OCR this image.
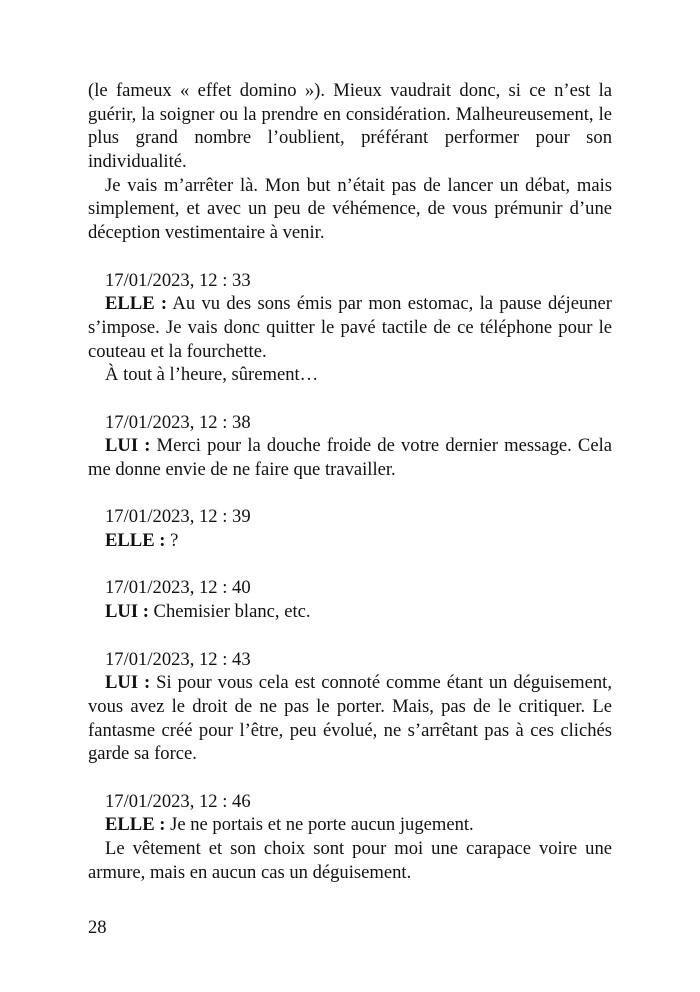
(le fameux « effet domino »). Mieux vaudrait donc, si ce n’est la
guérir, la soigner ou la prendre en considération. Malheureusement, le
plus grand nombre l’oublient, préférant performer pour son
individualité.
Je vais m’arrêter là. Mon but n’était pas de lancer un débat, mais
simplement, et avec un peu de véhémence, de vous prémunir d’une
déception vestimentaire à venir.
17/01/2023, 12 : 33
ELLE : Au vu des sons émis par mon estomac, la pause déjeuner
s’impose. Je vais donc quitter le pavé tactile de ce téléphone pour le
couteau et la fourchette.
À tout à l’heure, sûrement…
17/01/2023, 12 : 38
LUI : Merci pour la douche froide de votre dernier message. Cela
me donne envie de ne faire que travailler.
17/01/2023, 12 : 39
ELLE : ?
17/01/2023, 12 : 40
LUI : Chemisier blanc, etc.
17/01/2023, 12 : 43
LUI : Si pour vous cela est connoté comme étant un déguisement,
vous avez le droit de ne pas le porter. Mais, pas de le critiquer. Le
fantasme créé pour l’être, peu évolué, ne s’arrêtant pas à ces clichés
garde sa force.
17/01/2023, 12 : 46
ELLE : Je ne portais et ne porte aucun jugement.
Le vêtement et son choix sont pour moi une carapace voire une
armure, mais en aucun cas un déguisement.
28
